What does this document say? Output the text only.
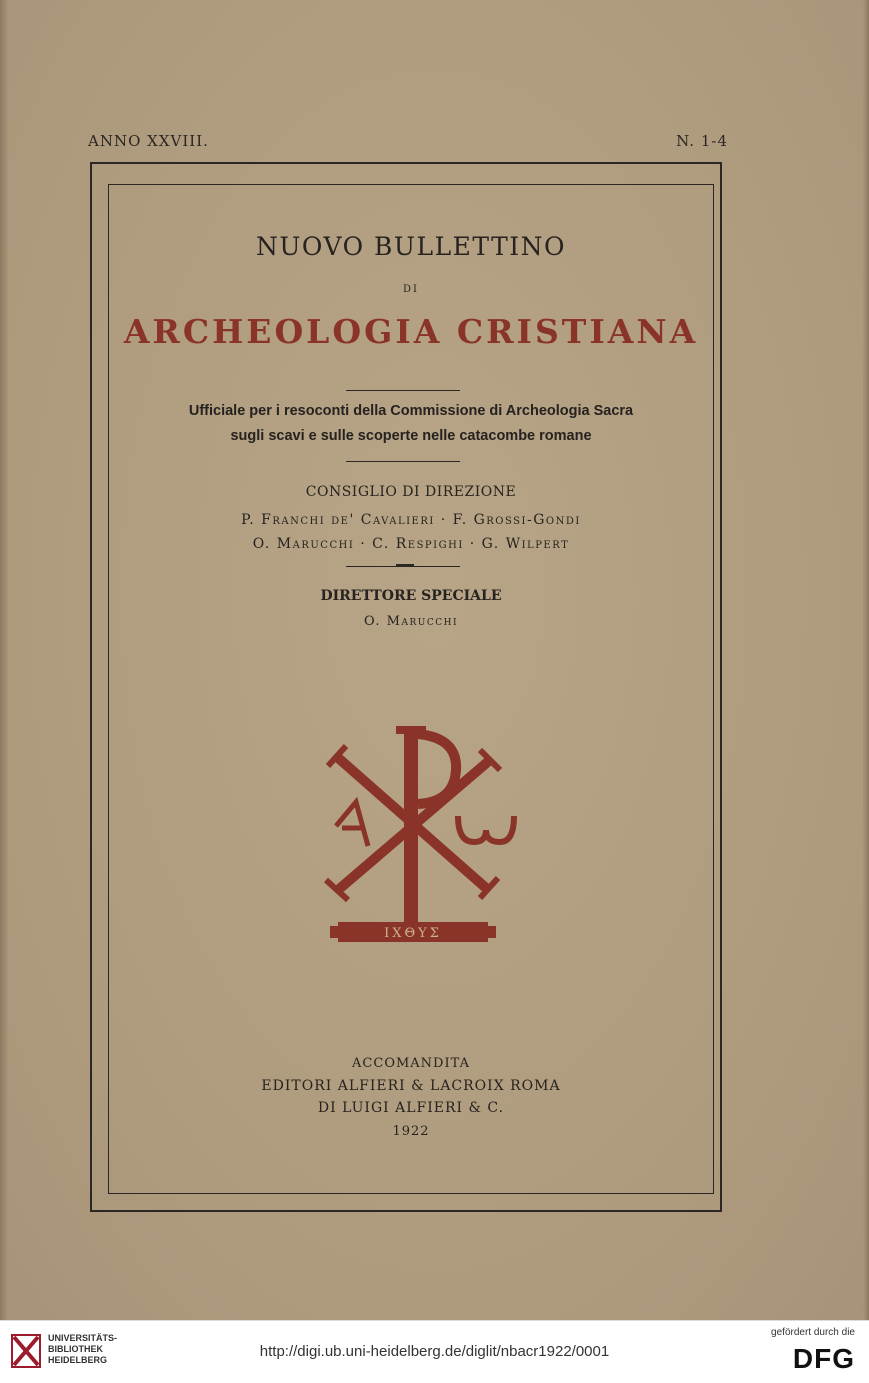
ANNO XXVIII.	N. 1-4
NUOVO BULLETTINO
DI
ARCHEOLOGIA CRISTIANA
Ufficiale per i resoconti della Commissione di Archeologia Sacra
sugli scavi e sulle scoperte nelle catacombe romane
CONSIGLIO DI DIREZIONE
P. Franchi de' Cavalieri · F. Grossi-Gondi
O. Marucchi · C. Respighi · G. Wilpert
DIRETTORE SPECIALE
O. Marucchi
ΙΧΘΥΣ
ACCOMANDITA
EDITORI ALFIERI & LACROIX ROMA
DI LUIGI ALFIERI & C.
1922
UNIVERSITÄTS-
BIBLIOTHEK
HEIDELBERG	http://digi.ub.uni-heidelberg.de/diglit/nbacr1922/0001
gefördert durch die
DFG
